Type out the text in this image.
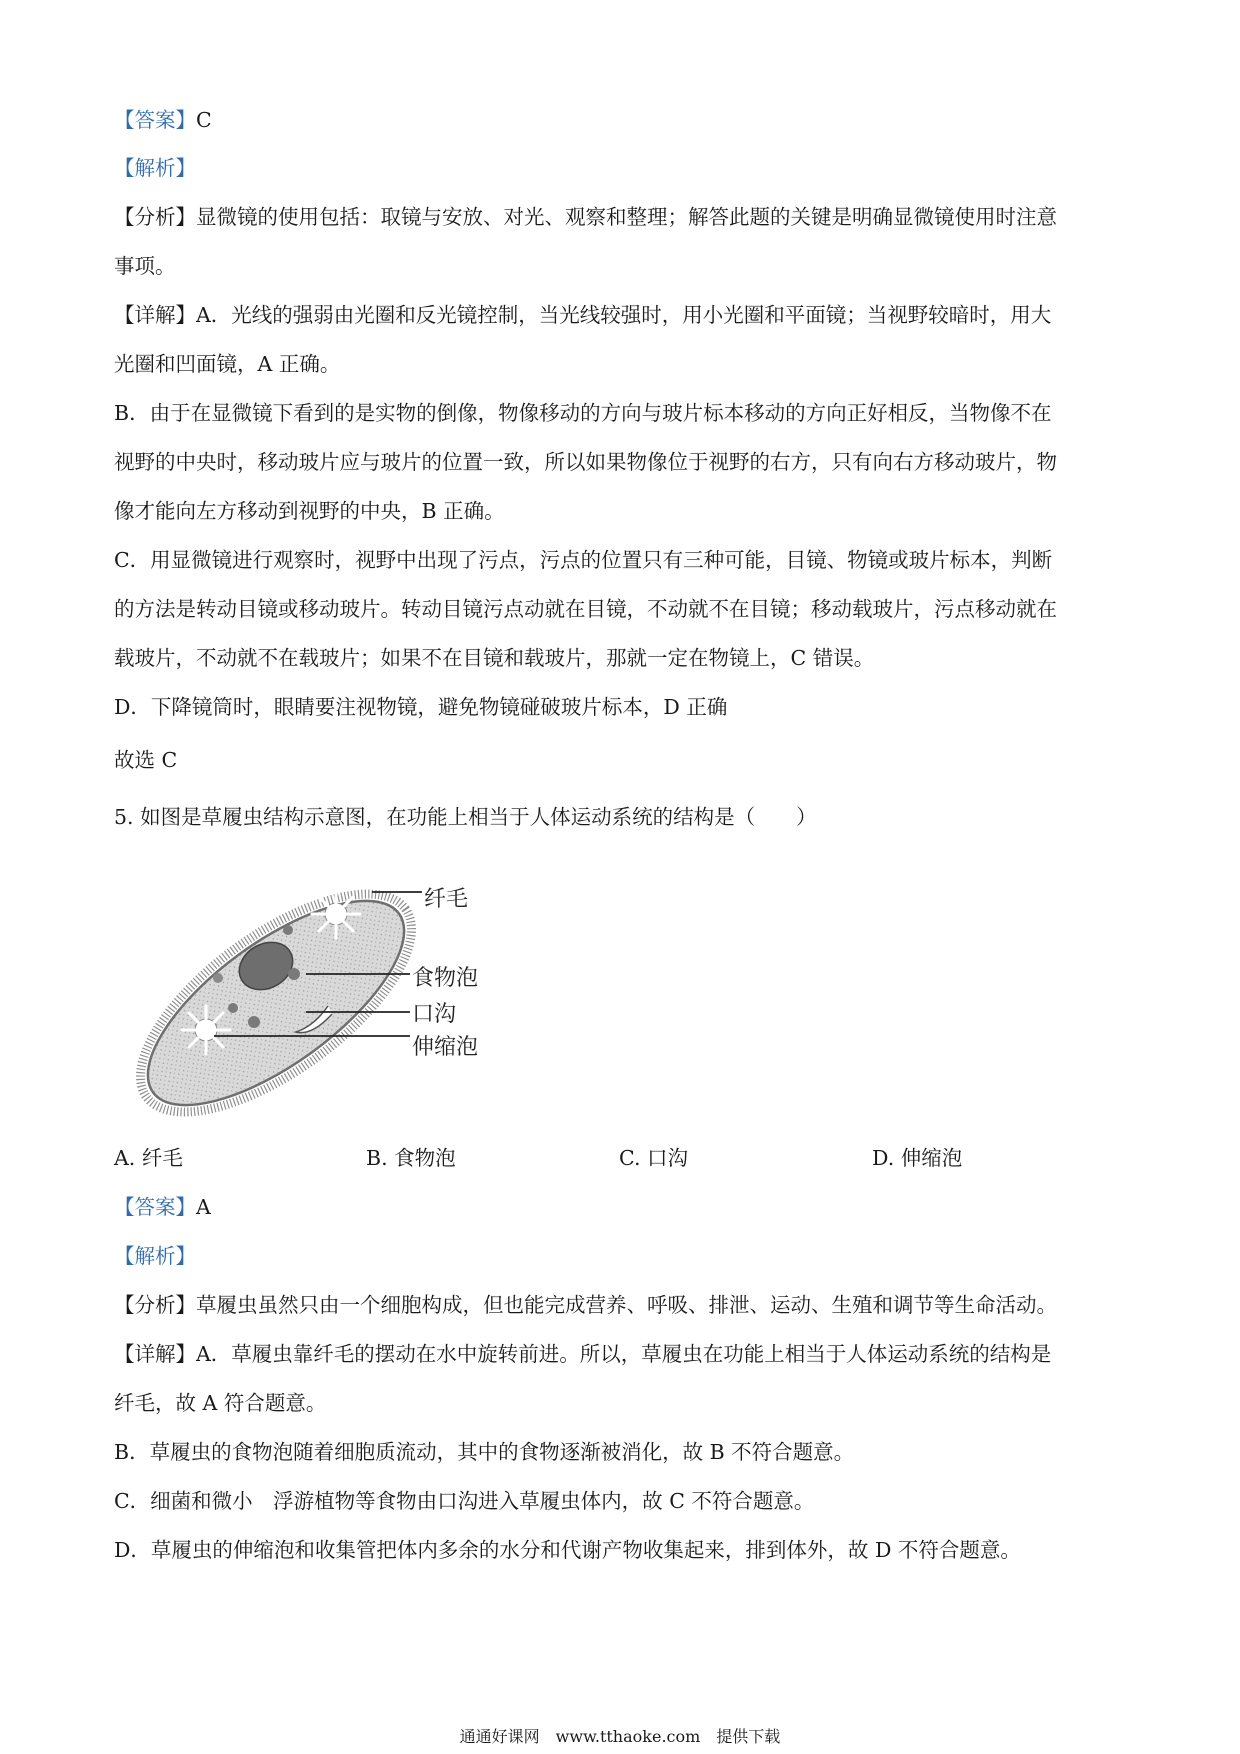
【答案】C
【解析】
【分析】显微镜的使用包括：取镜与安放、对光、观察和整理；解答此题的关键是明确显微镜使用时注意
事项。
【详解】A．光线的强弱由光圈和反光镜控制，当光线较强时，用小光圈和平面镜；当视野较暗时，用大
光圈和凹面镜，A 正确。
B．由于在显微镜下看到的是实物的倒像，物像移动的方向与玻片标本移动的方向正好相反，当物像不在
视野的中央时，移动玻片应与玻片的位置一致，所以如果物像位于视野的右方，只有向右方移动玻片，物
像才能向左方移动到视野的中央，B 正确。
C．用显微镜进行观察时，视野中出现了污点，污点的位置只有三种可能，目镜、物镜或玻片标本，判断
的方法是转动目镜或移动玻片。转动目镜污点动就在目镜，不动就不在目镜；移动载玻片，污点移动就在
载玻片，不动就不在载玻片；如果不在目镜和载玻片，那就一定在物镜上，C 错误。
D．下降镜筒时，眼睛要注视物镜，避免物镜碰破玻片标本，D 正确
故选 C
5. 如图是草履虫结构示意图，在功能上相当于人体运动系统的结构是（　　）
纤毛
食物泡
口沟
伸缩泡
A. 纤毛	B. 食物泡	C. 口沟	D. 伸缩泡
【答案】A
【解析】
【分析】草履虫虽然只由一个细胞构成，但也能完成营养、呼吸、排泄、运动、生殖和调节等生命活动。
【详解】A．草履虫靠纤毛的摆动在水中旋转前进。所以，草履虫在功能上相当于人体运动系统的结构是
纤毛，故 A 符合题意。
B．草履虫的食物泡随着细胞质流动，其中的食物逐渐被消化，故 B 不符合题意。
C．细菌和微小　浮游植物等食物由口沟进入草履虫体内，故 C 不符合题意。
D．草履虫的伸缩泡和收集管把体内多余的水分和代谢产物收集起来，排到体外，故 D 不符合题意。
通通好课网　www.tthaoke.com　提供下载
